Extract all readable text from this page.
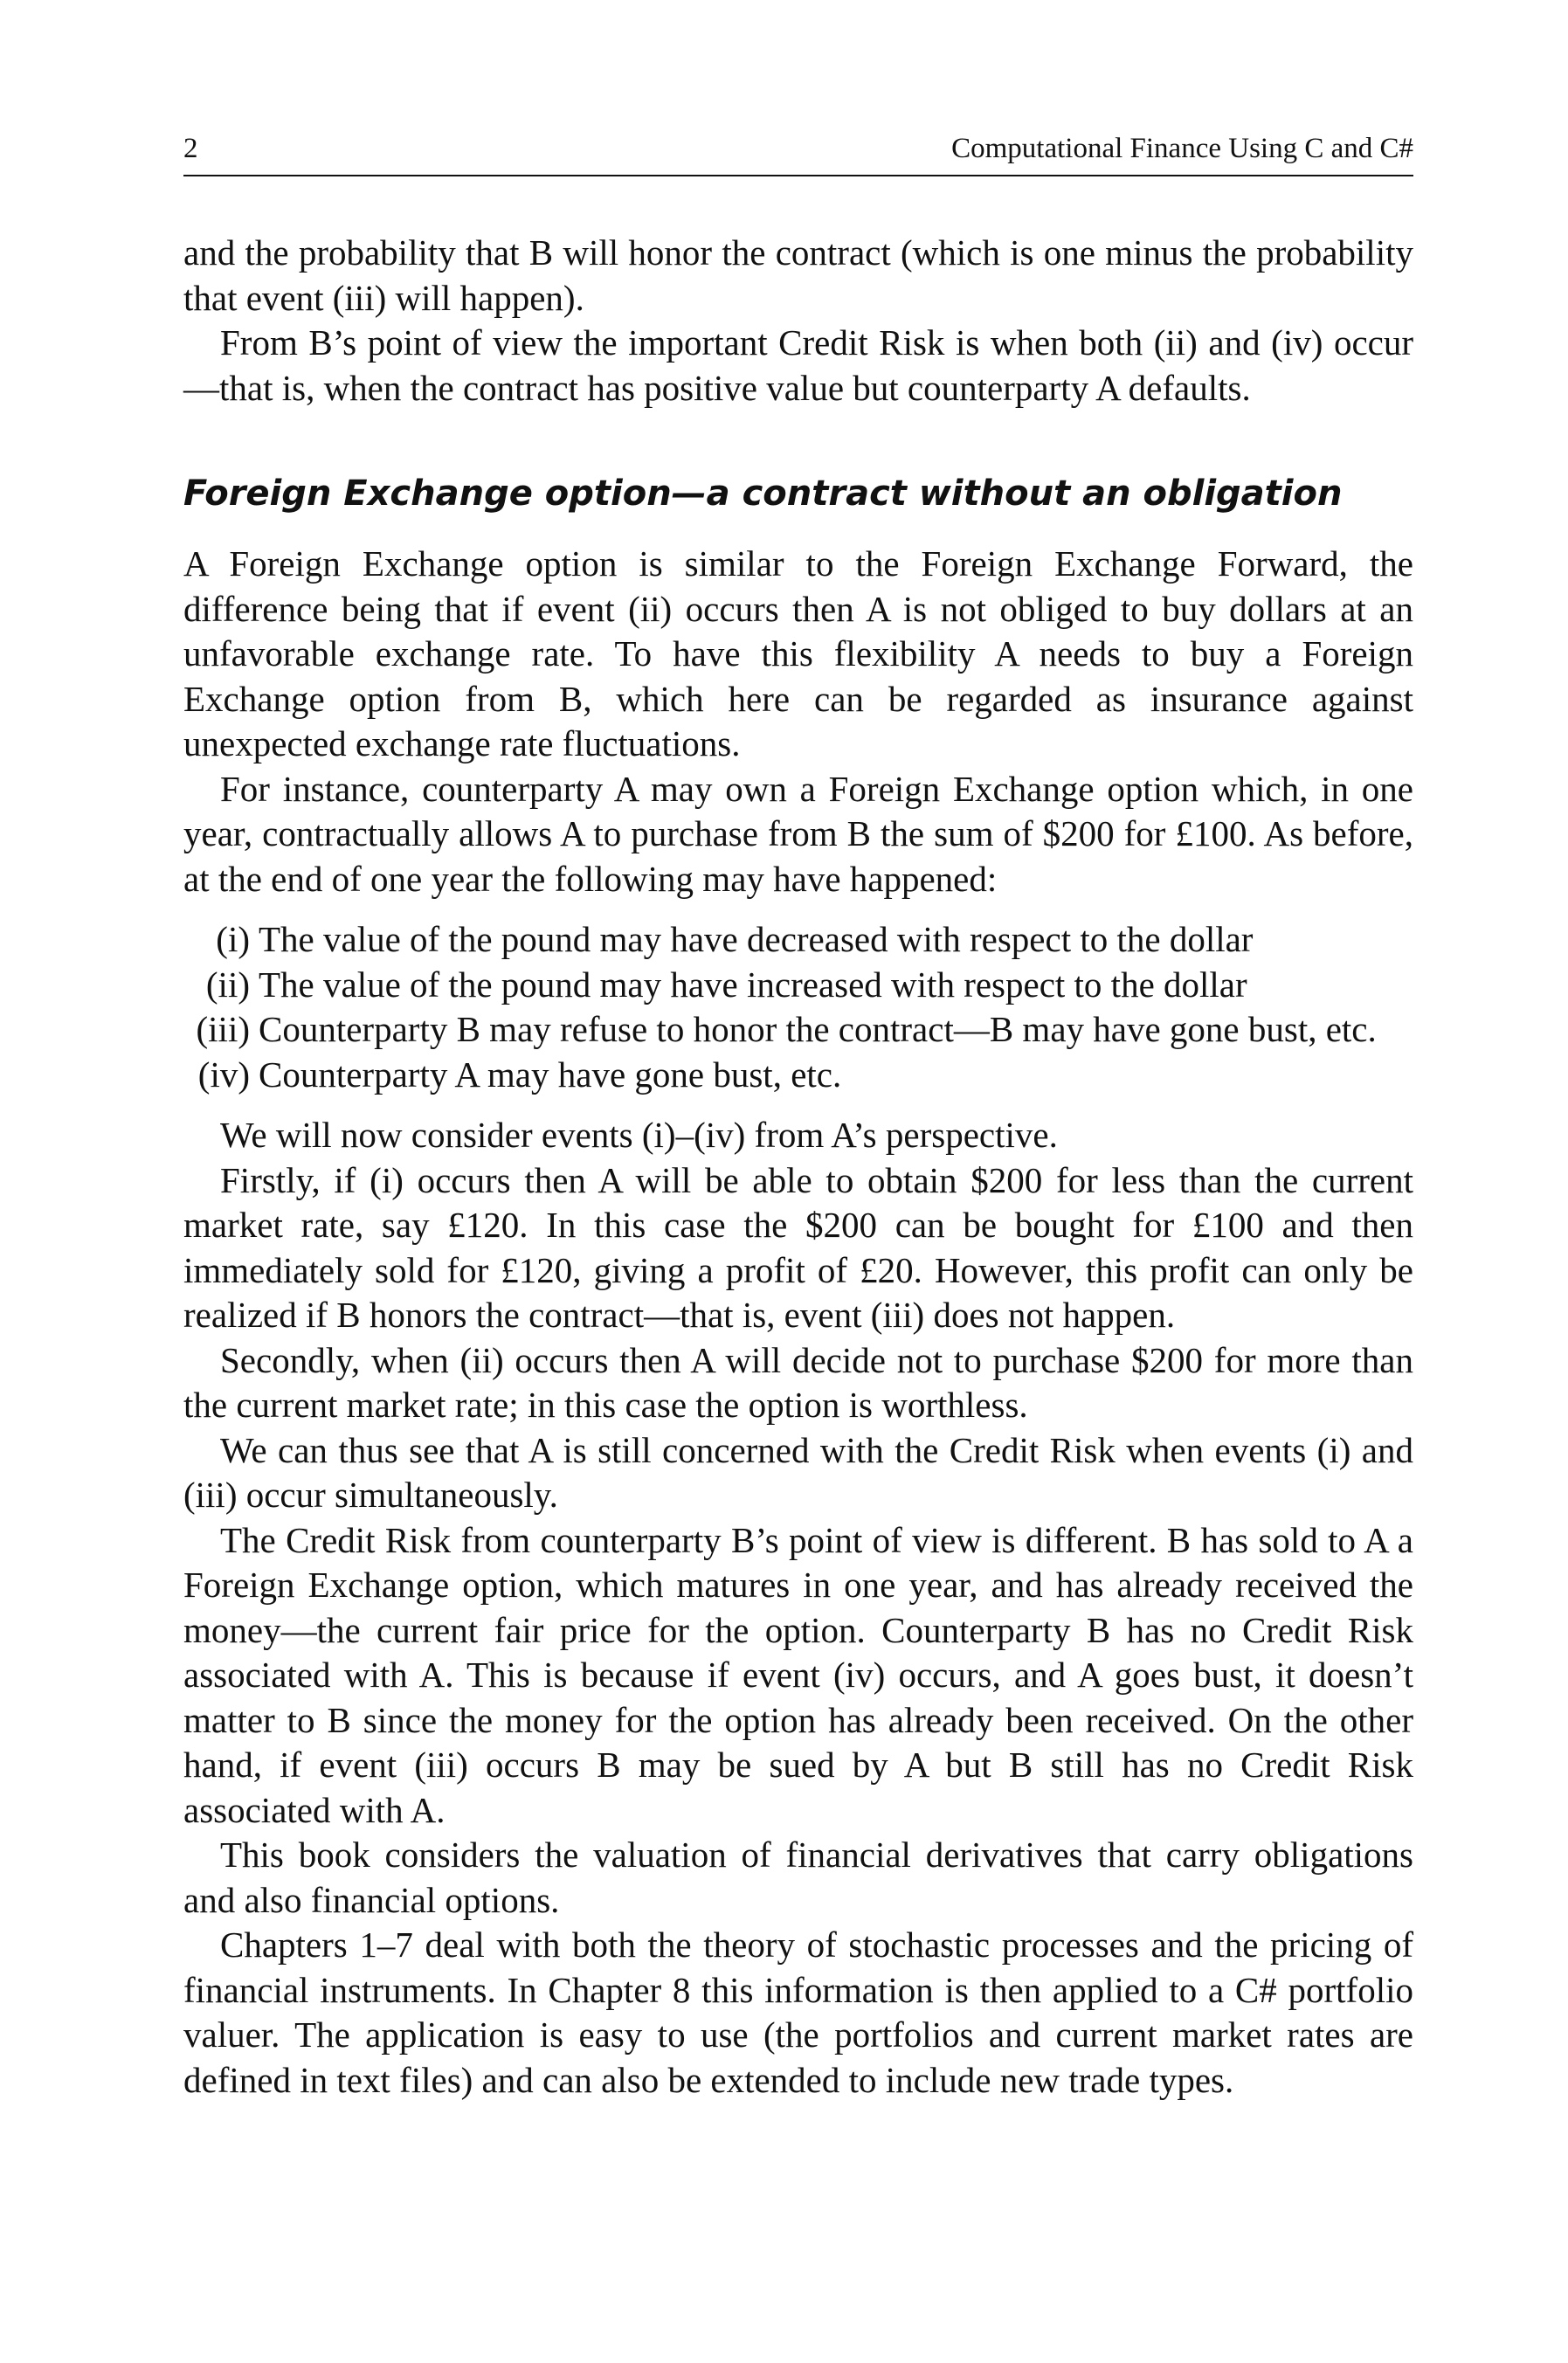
2	Computational Finance Using C and C#

and the probability that B will honor the contract (which is one minus the probability that event (iii) will happen).

From B’s point of view the important Credit Risk is when both (ii) and (iv) occur—that is, when the contract has positive value but counterparty A defaults.

Foreign Exchange option—a contract without an obligation

A Foreign Exchange option is similar to the Foreign Exchange Forward, the difference being that if event (ii) occurs then A is not obliged to buy dollars at an unfavorable exchange rate. To have this flexibility A needs to buy a Foreign Exchange option from B, which here can be regarded as insurance against unexpected exchange rate fluctuations.

For instance, counterparty A may own a Foreign Exchange option which, in one year, contractually allows A to purchase from B the sum of $200 for £100. As before, at the end of one year the following may have happened:

(i) The value of the pound may have decreased with respect to the dollar
(ii) The value of the pound may have increased with respect to the dollar
(iii) Counterparty B may refuse to honor the contract—B may have gone bust, etc.
(iv) Counterparty A may have gone bust, etc.

We will now consider events (i)–(iv) from A’s perspective.

Firstly, if (i) occurs then A will be able to obtain $200 for less than the current market rate, say £120. In this case the $200 can be bought for £100 and then immediately sold for £120, giving a profit of £20. However, this profit can only be realized if B honors the contract—that is, event (iii) does not happen.

Secondly, when (ii) occurs then A will decide not to purchase $200 for more than the current market rate; in this case the option is worthless.

We can thus see that A is still concerned with the Credit Risk when events (i) and (iii) occur simultaneously.

The Credit Risk from counterparty B’s point of view is different. B has sold to A a Foreign Exchange option, which matures in one year, and has already received the money—the current fair price for the option. Counterparty B has no Credit Risk associated with A. This is because if event (iv) occurs, and A goes bust, it doesn’t matter to B since the money for the option has already been received. On the other hand, if event (iii) occurs B may be sued by A but B still has no Credit Risk associated with A.

This book considers the valuation of financial derivatives that carry obligations and also financial options.

Chapters 1–7 deal with both the theory of stochastic processes and the pricing of financial instruments. In Chapter 8 this information is then applied to a C# portfolio valuer. The application is easy to use (the portfolios and current market rates are defined in text files) and can also be extended to include new trade types.
